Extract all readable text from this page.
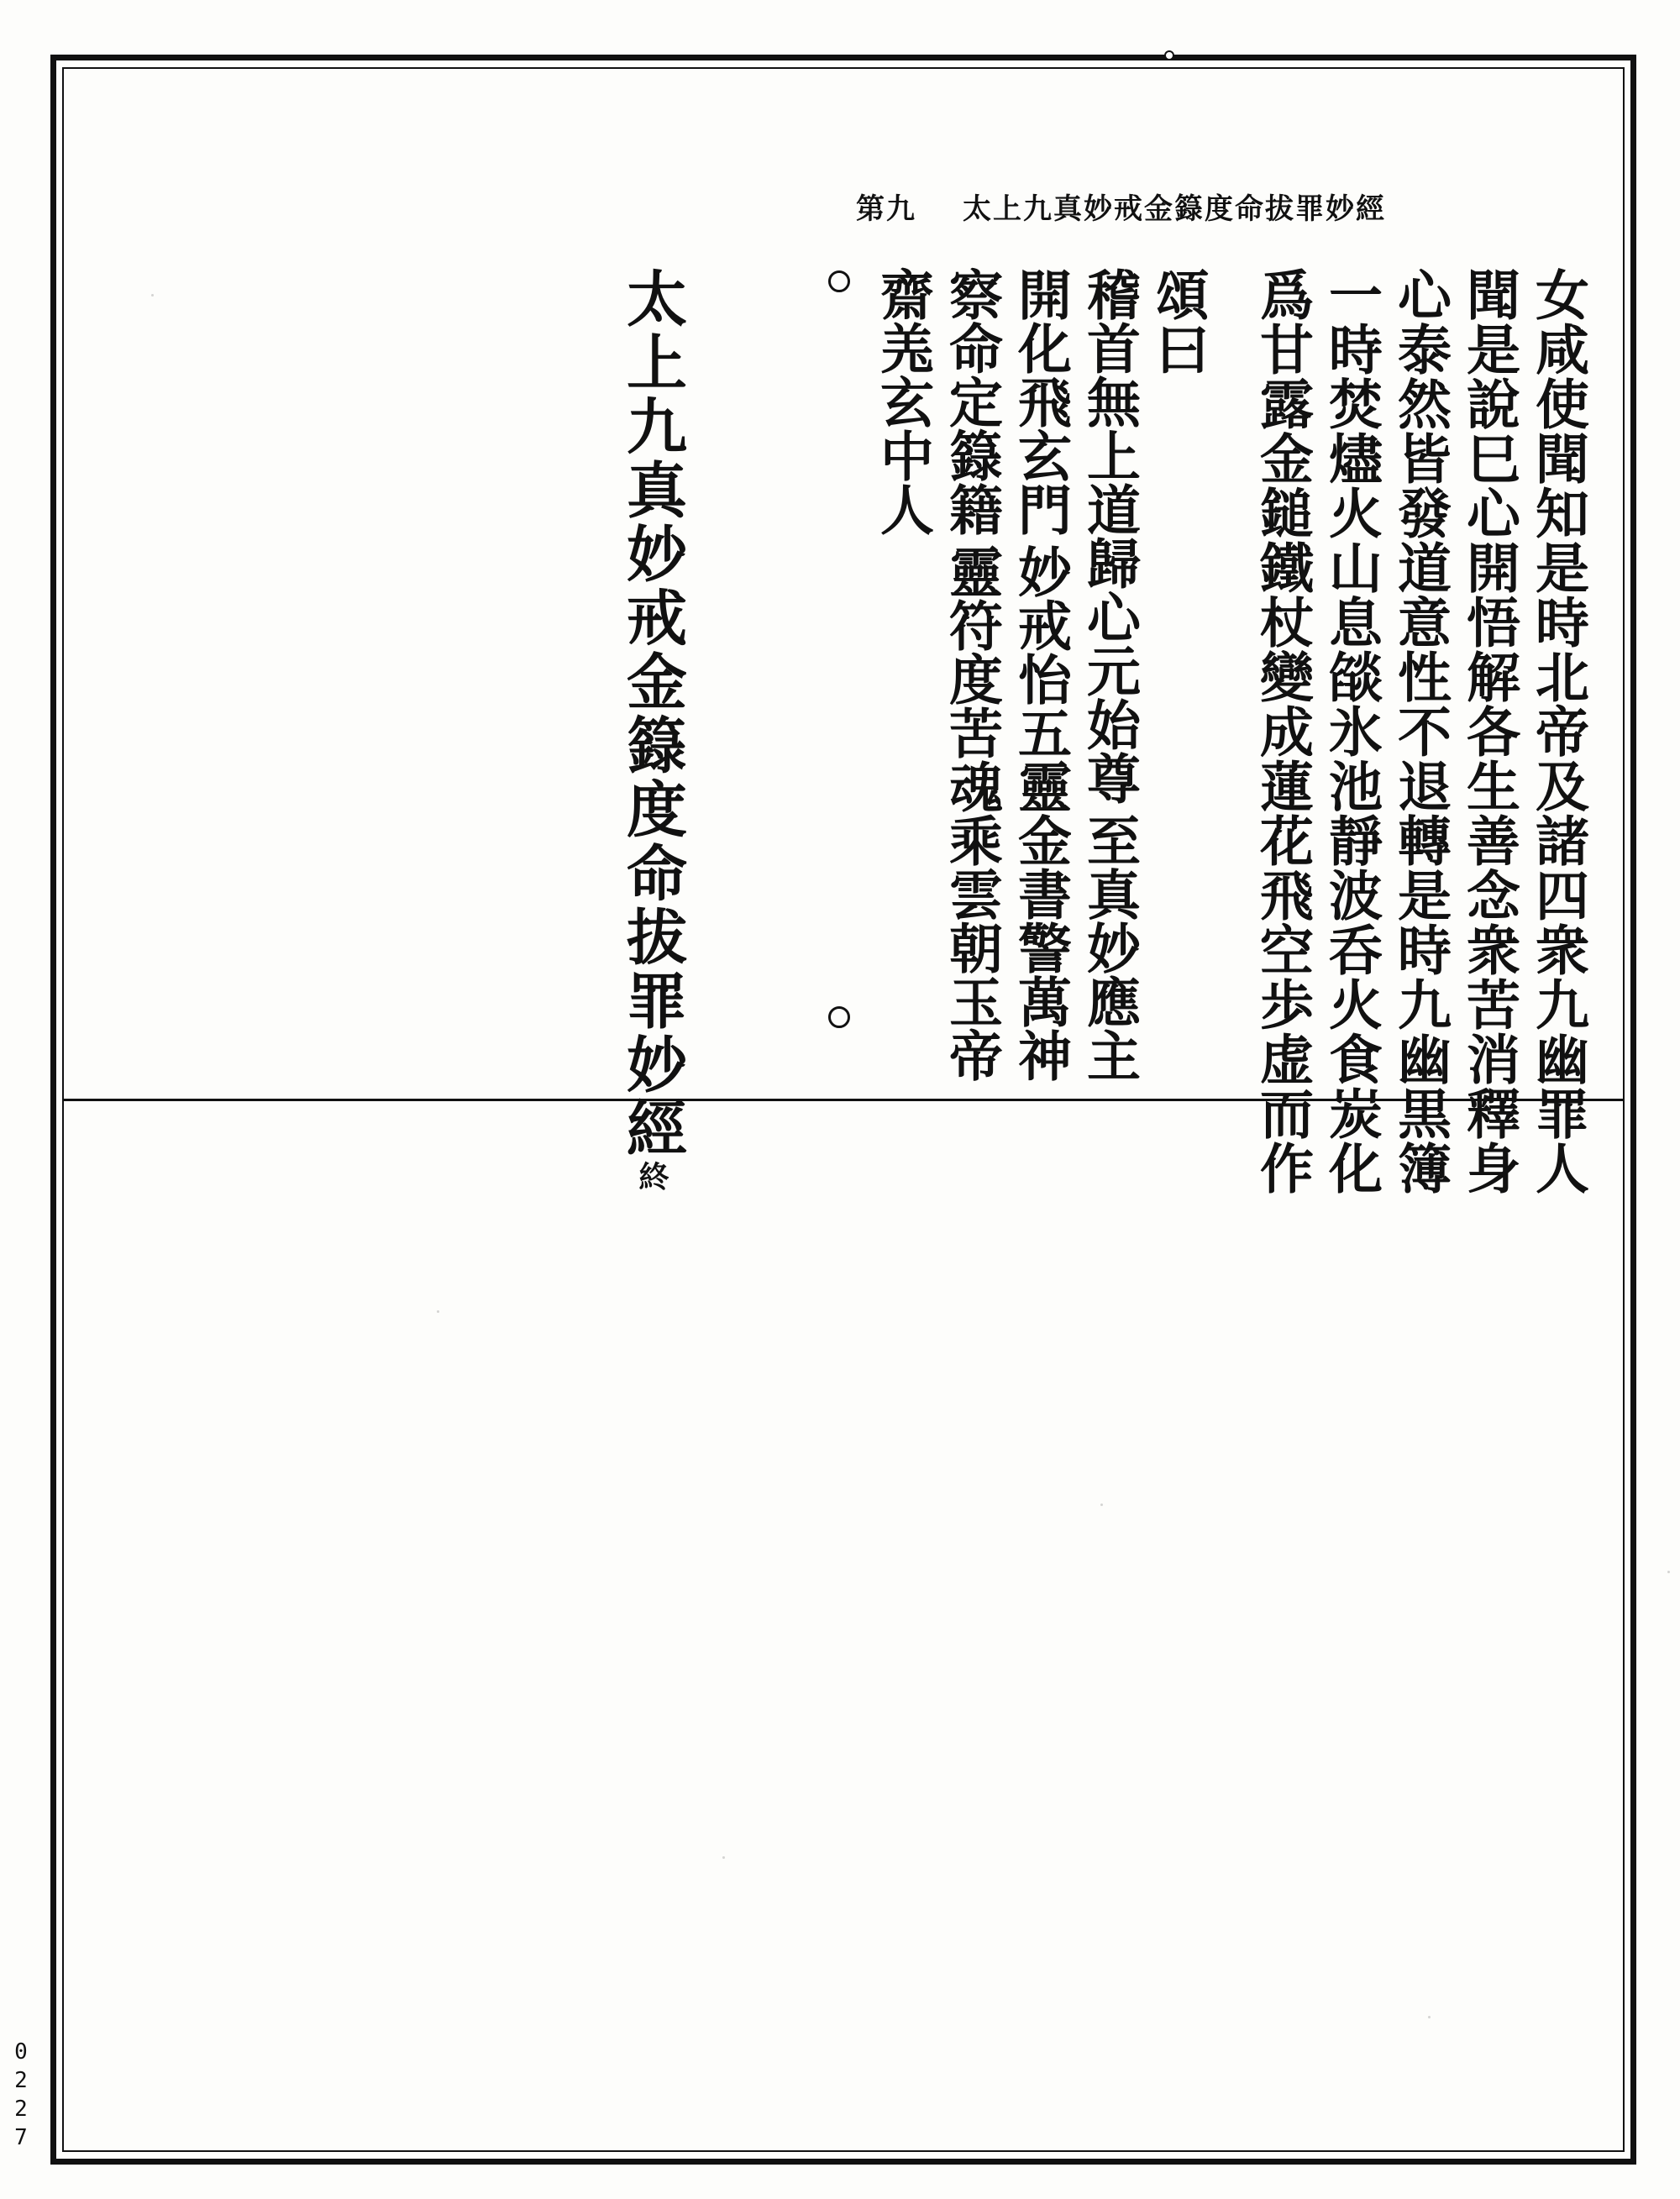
太上九真妙戒金籙度命拔罪妙經
第九
女咸使聞知是時北帝及諸四衆九幽罪人
聞是說巳心開悟解各生善念衆苦消釋身
心泰然皆發道意性不退轉是時九幽黒簿
一時焚燼火山息燄氷池靜波呑火食炭化
爲甘露金鎚鐵杖變成蓮花飛空歩虚而作
頌曰
稽首無上道
開化飛玄門
察命定籙籍
齋𦍑玄中人
歸心元始尊
妙戒怡五靈
靈符度苦魂
至真妙應主
金書警萬神
乘雲朝玉帝
太上九真妙戒金籙度命拔罪妙經終
0227
